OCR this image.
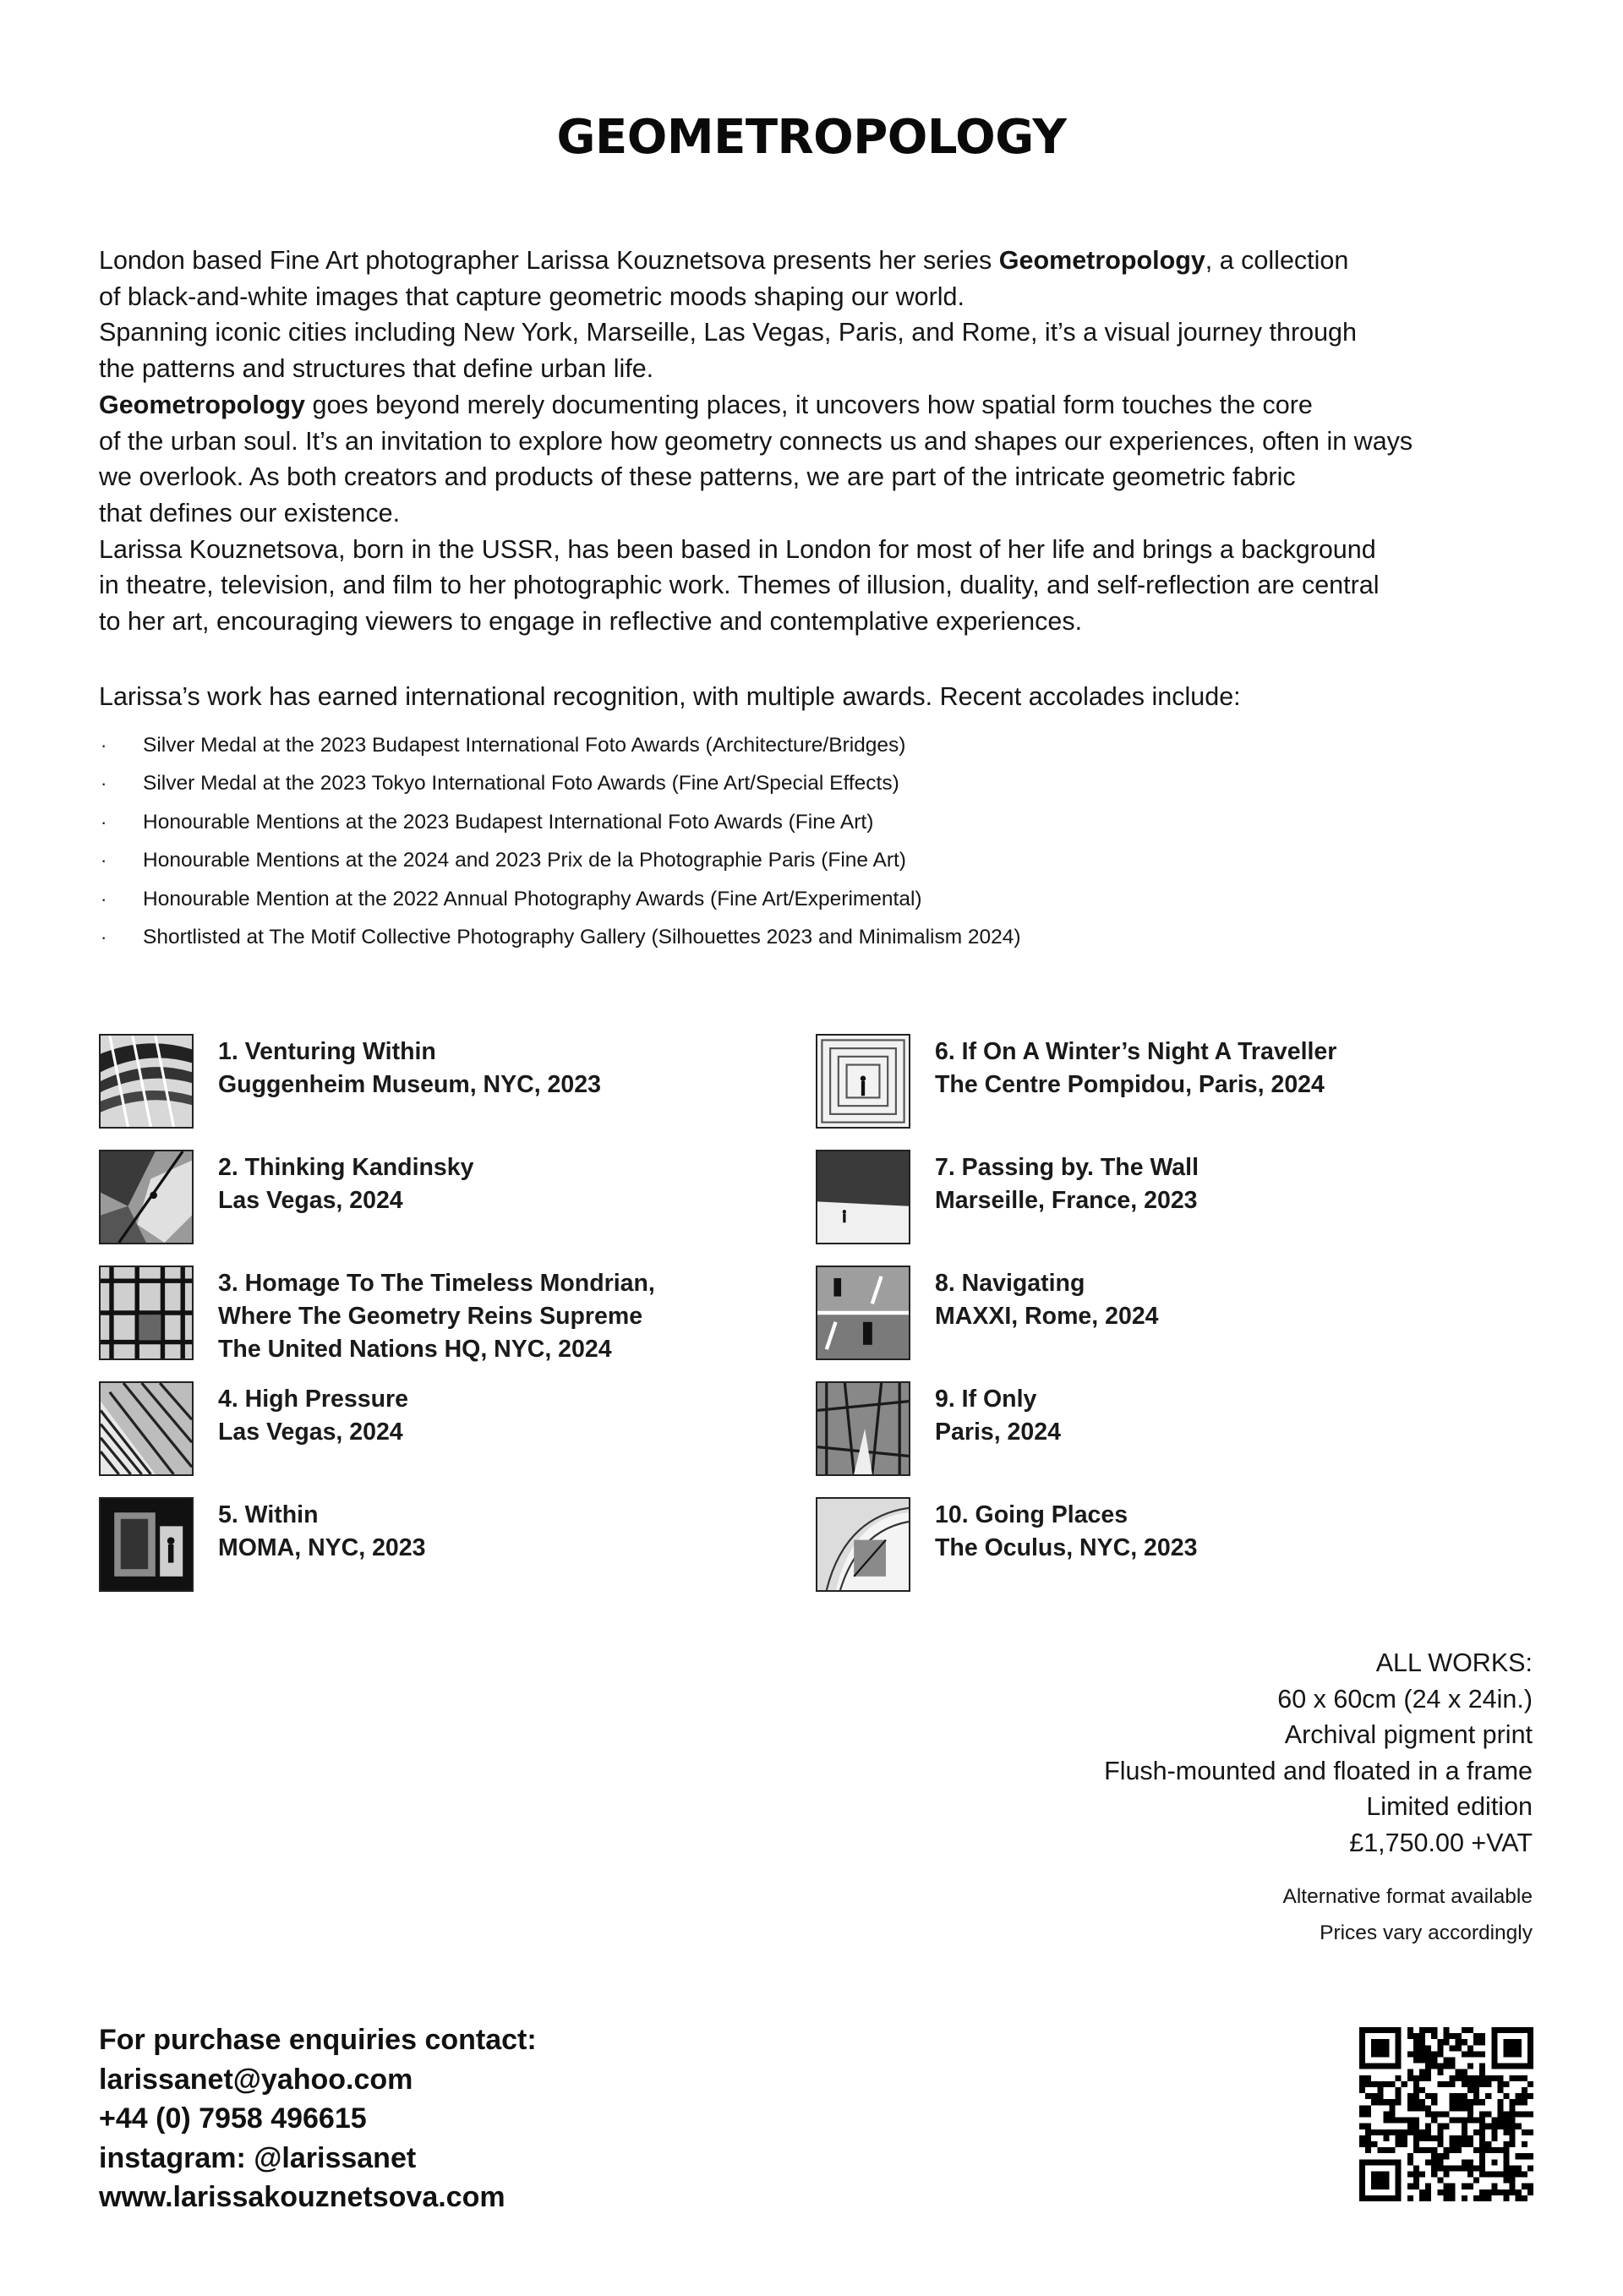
GEOMETROPOLOGY
London based Fine Art photographer Larissa Kouznetsova presents her series Geometropology, a collection
of black-and-white images that capture geometric moods shaping our world.
Spanning iconic cities including New York, Marseille, Las Vegas, Paris, and Rome, it’s a visual journey through
the patterns and structures that define urban life.
Geometropology goes beyond merely documenting places, it uncovers how spatial form touches the core
of the urban soul. It’s an invitation to explore how geometry connects us and shapes our experiences, often in ways
we overlook. As both creators and products of these patterns, we are part of the intricate geometric fabric
that defines our existence.
Larissa Kouznetsova, born in the USSR, has been based in London for most of her life and brings a background
in theatre, television, and film to her photographic work. Themes of illusion, duality, and self-reflection are central
to her art, encouraging viewers to engage in reflective and contemplative experiences.
Larissa’s work has earned international recognition, with multiple awards. Recent accolades include:
· Silver Medal at the 2023 Budapest International Foto Awards (Architecture/Bridges)
· Silver Medal at the 2023 Tokyo International Foto Awards (Fine Art/Special Effects)
· Honourable Mentions at the 2023 Budapest International Foto Awards (Fine Art)
· Honourable Mentions at the 2024 and 2023 Prix de la Photographie Paris (Fine Art)
· Honourable Mention at the 2022 Annual Photography Awards (Fine Art/Experimental)
· Shortlisted at The Motif Collective Photography Gallery (Silhouettes 2023 and Minimalism 2024)
1. Venturing Within
Guggenheim Museum, NYC, 2023
2. Thinking Kandinsky
Las Vegas, 2024
3. Homage To The Timeless Mondrian,
Where The Geometry Reins Supreme
The United Nations HQ, NYC, 2024
4. High Pressure
Las Vegas, 2024
5. Within
MOMA, NYC, 2023
6. If On A Winter’s Night A Traveller
The Centre Pompidou, Paris, 2024
7. Passing by. The Wall
Marseille, France, 2023
8. Navigating
MAXXI, Rome, 2024
9. If Only
Paris, 2024
10. Going Places
The Oculus, NYC, 2023
ALL WORKS:
60 x 60cm (24 x 24in.)
Archival pigment print
Flush-mounted and floated in a frame
Limited edition
£1,750.00 +VAT
Alternative format available
Prices vary accordingly
For purchase enquiries contact:
larissanet@yahoo.com
+44 (0) 7958 496615
instagram: @larissanet
www.larissakouznetsova.com
